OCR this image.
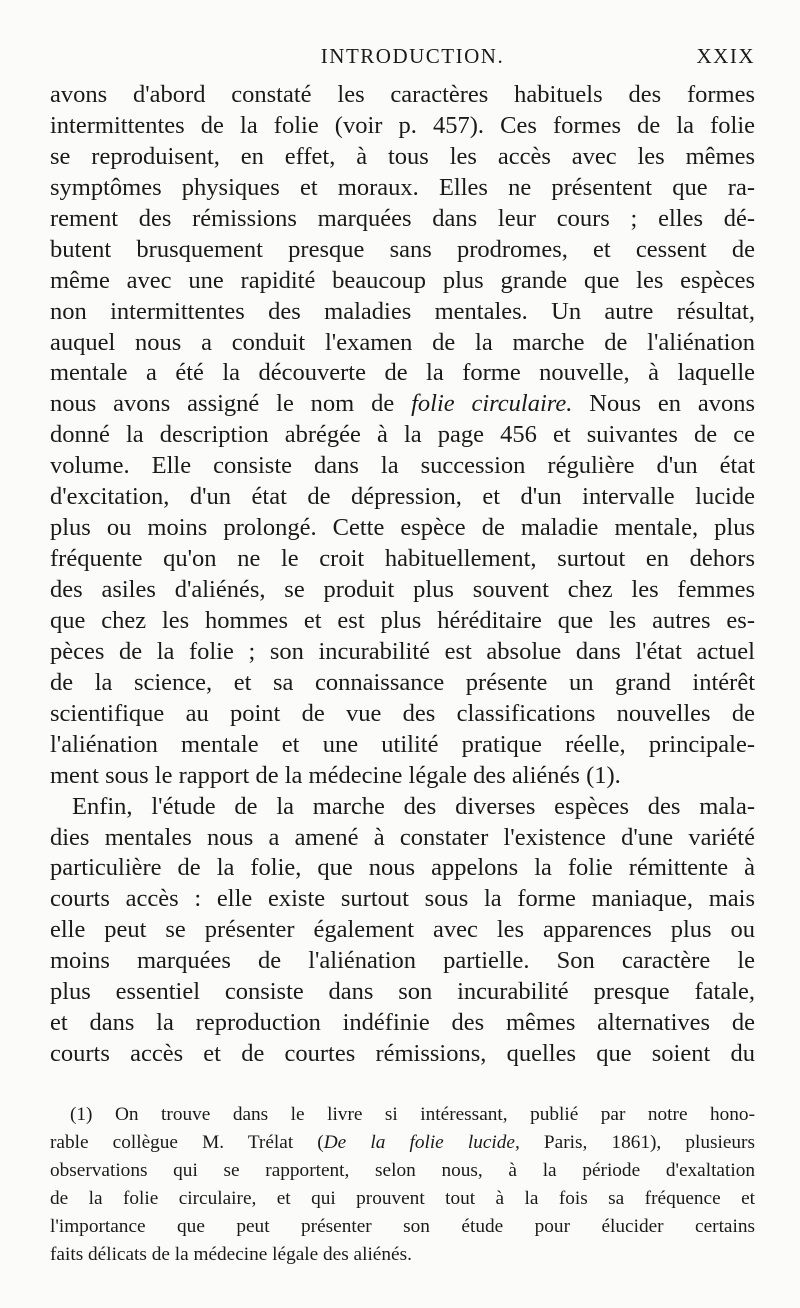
INTRODUCTION.	XXIX
avons d'abord constaté les caractères habituels des formes
intermittentes de la folie (voir p. 457). Ces formes de la folie
se reproduisent, en effet, à tous les accès avec les mêmes
symptômes physiques et moraux. Elles ne présentent que ra-
rement des rémissions marquées dans leur cours ; elles dé-
butent brusquement presque sans prodromes, et cessent de
même avec une rapidité beaucoup plus grande que les espèces
non intermittentes des maladies mentales. Un autre résultat,
auquel nous a conduit l'examen de la marche de l'aliénation
mentale a été la découverte de la forme nouvelle, à laquelle
nous avons assigné le nom de folie circulaire. Nous en avons
donné la description abrégée à la page 456 et suivantes de ce
volume. Elle consiste dans la succession régulière d'un état
d'excitation, d'un état de dépression, et d'un intervalle lucide
plus ou moins prolongé. Cette espèce de maladie mentale, plus
fréquente qu'on ne le croit habituellement, surtout en dehors
des asiles d'aliénés, se produit plus souvent chez les femmes
que chez les hommes et est plus héréditaire que les autres es-
pèces de la folie ; son incurabilité est absolue dans l'état actuel
de la science, et sa connaissance présente un grand intérêt
scientifique au point de vue des classifications nouvelles de
l'aliénation mentale et une utilité pratique réelle, principale-
ment sous le rapport de la médecine légale des aliénés (1).
Enfin, l'étude de la marche des diverses espèces des mala-
dies mentales nous a amené à constater l'existence d'une variété
particulière de la folie, que nous appelons la folie rémittente à
courts accès : elle existe surtout sous la forme maniaque, mais
elle peut se présenter également avec les apparences plus ou
moins marquées de l'aliénation partielle. Son caractère le
plus essentiel consiste dans son incurabilité presque fatale,
et dans la reproduction indéfinie des mêmes alternatives de
courts accès et de courtes rémissions, quelles que soient du
(1) On trouve dans le livre si intéressant, publié par notre hono-
rable collègue M. Trélat (De la folie lucide, Paris, 1861), plusieurs
observations qui se rapportent, selon nous, à la période d'exaltation
de la folie circulaire, et qui prouvent tout à la fois sa fréquence et
l'importance que peut présenter son étude pour élucider certains
faits délicats de la médecine légale des aliénés.
